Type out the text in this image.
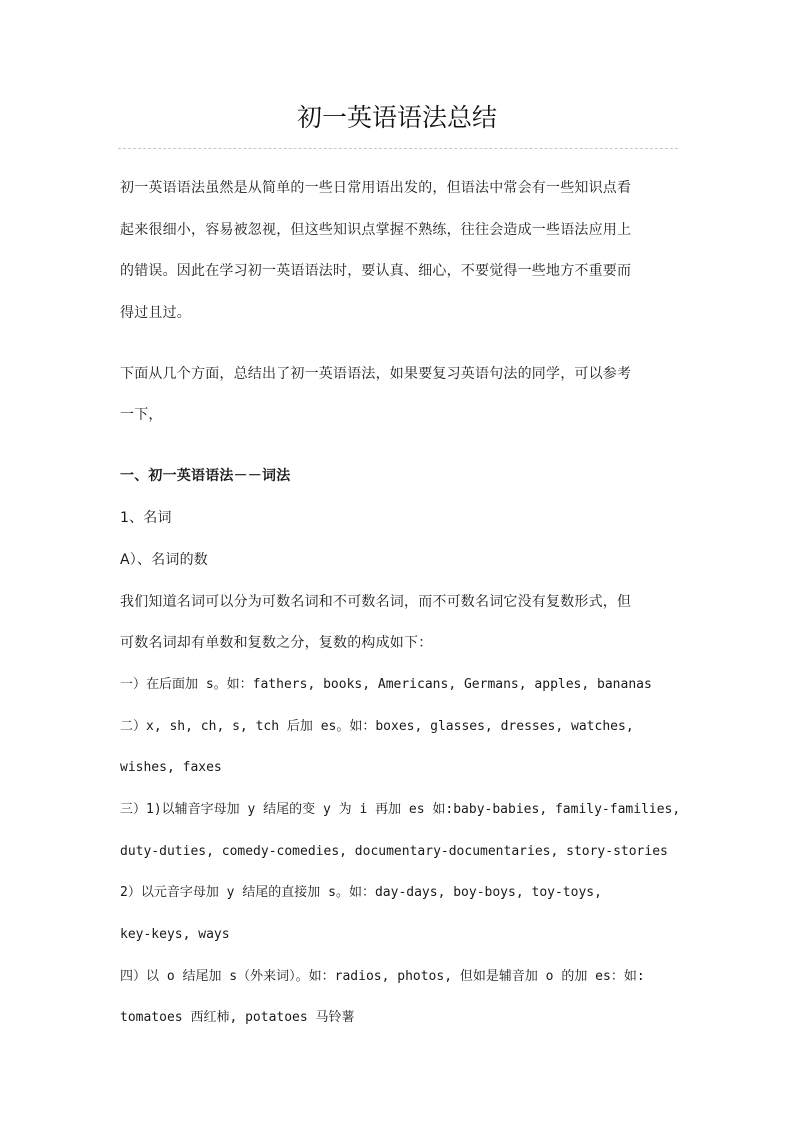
初一英语语法总结

初一英语语法虽然是从简单的一些日常用语出发的，但语法中常会有一些知识点看

起来很细小，容易被忽视，但这些知识点掌握不熟练，往往会造成一些语法应用上

的错误。因此在学习初一英语语法时，要认真、细心，不要觉得一些地方不重要而

得过且过。

下面从几个方面，总结出了初一英语语法，如果要复习英语句法的同学，可以参考

一下，

一、初一英语语法－－词法

1、名词

A）、名词的数

我们知道名词可以分为可数名词和不可数名词，而不可数名词它没有复数形式，但

可数名词却有单数和复数之分，复数的构成如下：

一）在后面加 s。如：fathers, books, Americans, Germans, apples, bananas

二）x, sh, ch, s, tch 后加 es。如：boxes, glasses, dresses, watches,

wishes, faxes

三）1)以辅音字母加 y 结尾的变 y 为 i 再加 es 如:baby-babies, family-families,

duty-duties, comedy-comedies, documentary-documentaries, story-stories

2）以元音字母加 y 结尾的直接加 s。如：day-days, boy-boys, toy-toys,

key-keys, ways

四）以 o 结尾加 s（外来词）。如：radios, photos, 但如是辅音加 o 的加 es：如:

tomatoes 西红柿, potatoes 马铃薯
